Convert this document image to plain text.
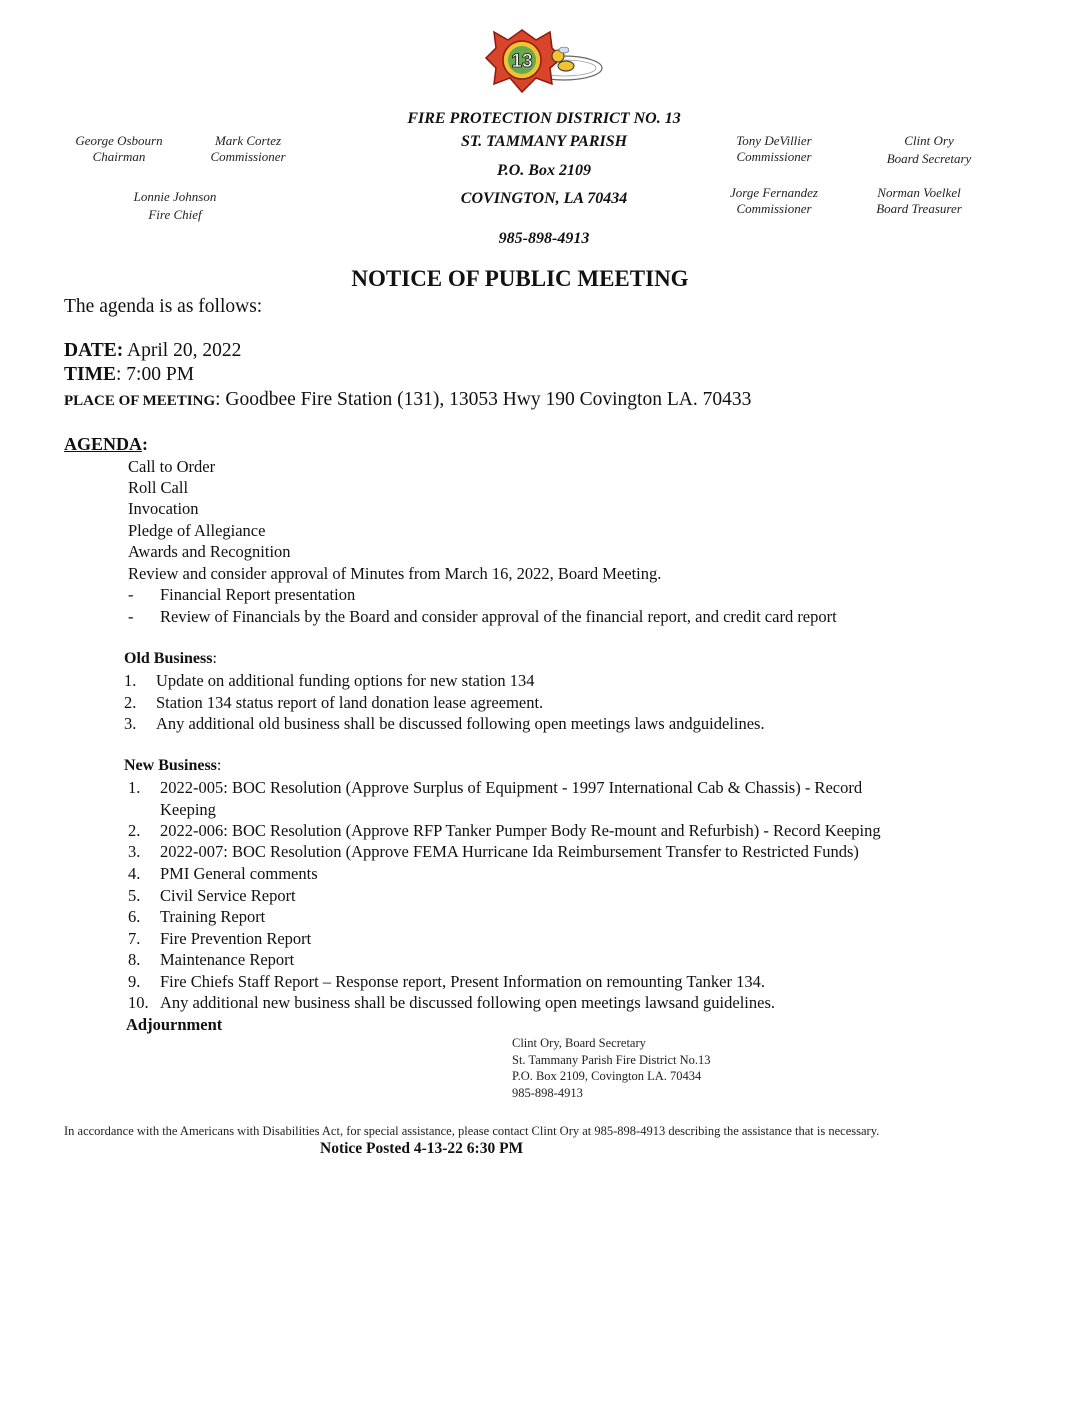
13
FIRE PROTECTION DISTRICT NO. 13
ST. TAMMANY PARISH
P.O. Box 2109
COVINGTON, LA 70434
985-898-4913
George Osbourn
Chairman
Mark Cortez
Commissioner
Lonnie Johnson
Fire Chief
Tony DeVillier
Commissioner
Clint Ory
Board Secretary
Jorge Fernandez
Commissioner
Norman Voelkel
Board Treasurer
NOTICE OF PUBLIC MEETING
The agenda is as follows:
DATE: April 20, 2022
TIME: 7:00 PM
PLACE OF MEETING: Goodbee Fire Station (131), 13053 Hwy 190 Covington LA. 70433
AGENDA:
Call to Order
Roll Call
Invocation
Pledge of Allegiance
Awards and Recognition
Review and consider approval of Minutes from March 16, 2022, Board Meeting.
- Financial Report presentation
- Review of Financials by the Board and consider approval of the financial report, and credit card report
Old Business:
1. Update on additional funding options for new station 134
2. Station 134 status report of land donation lease agreement.
3. Any additional old business shall be discussed following open meetings laws andguidelines.
New Business:
1. 2022-005: BOC Resolution (Approve Surplus of Equipment - 1997 International Cab & Chassis) - Record
Keeping
2. 2022-006: BOC Resolution (Approve RFP Tanker Pumper Body Re-mount and Refurbish) - Record Keeping
3. 2022-007: BOC Resolution (Approve FEMA Hurricane Ida Reimbursement Transfer to Restricted Funds)
4. PMI General comments
5. Civil Service Report
6. Training Report
7. Fire Prevention Report
8. Maintenance Report
9. Fire Chiefs Staff Report – Response report, Present Information on remounting Tanker 134.
10. Any additional new business shall be discussed following open meetings lawsand guidelines.
Adjournment
Clint Ory, Board Secretary
St. Tammany Parish Fire District No.13
P.O. Box 2109, Covington LA. 70434
985-898-4913
In accordance with the Americans with Disabilities Act, for special assistance, please contact Clint Ory at 985-898-4913 describing the assistance that is necessary.
Notice Posted 4-13-22 6:30 PM
